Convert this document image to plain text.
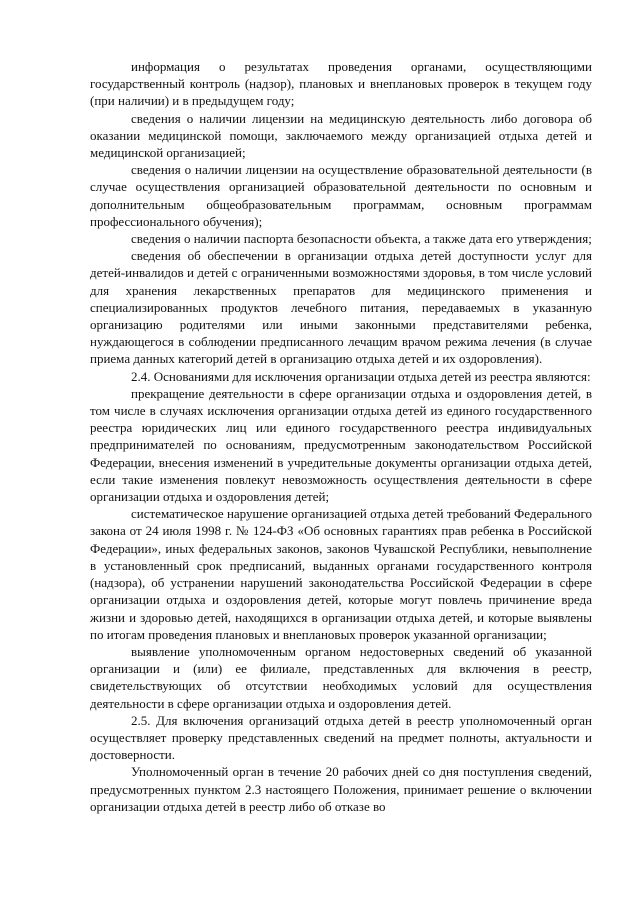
информация о результатах проведения органами, осуществляющими государственный контроль (надзор), плановых и внеплановых проверок в текущем году (при наличии) и в предыдущем году;

сведения о наличии лицензии на медицинскую деятельность либо договора об оказании медицинской помощи, заключаемого между организацией отдыха детей и медицинской организацией;

сведения о наличии лицензии на осуществление образовательной деятельности (в случае осуществления организацией образовательной деятельности по основным и дополнительным общеобразовательным программам, основным программам профессионального обучения);

сведения о наличии паспорта безопасности объекта, а также дата его утверждения;

сведения об обеспечении в организации отдыха детей доступности услуг для детей-инвалидов и детей с ограниченными возможностями здоровья, в том числе условий для хранения лекарственных препаратов для медицинского применения и специализированных продуктов лечебного питания, передаваемых в указанную организацию родителями или иными законными представителями ребенка, нуждающегося в соблюдении предписанного лечащим врачом режима лечения (в случае приема данных категорий детей в организацию отдыха детей и их оздоровления).

2.4. Основаниями для исключения организации отдыха детей из реестра являются:

прекращение деятельности в сфере организации отдыха и оздоровления детей, в том числе в случаях исключения организации отдыха детей из единого государственного реестра юридических лиц или единого государственного реестра индивидуальных предпринимателей по основаниям, предусмотренным законодательством Российской Федерации, внесения изменений в учредительные документы организации отдыха детей, если такие изменения повлекут невозможность осуществления деятельности в сфере организации отдыха и оздоровления детей;

систематическое нарушение организацией отдыха детей требований Федерального закона от 24 июля 1998 г. № 124-ФЗ «Об основных гарантиях прав ребенка в Российской Федерации», иных федеральных законов, законов Чувашской Республики, невыполнение в установленный срок предписаний, выданных органами государственного контроля (надзора), об устранении нарушений законодательства Российской Федерации в сфере организации отдыха и оздоровления детей, которые могут повлечь причинение вреда жизни и здоровью детей, находящихся в организации отдыха детей, и которые выявлены по итогам проведения плановых и внеплановых проверок указанной организации;

выявление уполномоченным органом недостоверных сведений об указанной организации и (или) ее филиале, представленных для включения в реестр, свидетельствующих об отсутствии необходимых условий для осуществления деятельности в сфере организации отдыха и оздоровления детей.

2.5. Для включения организаций отдыха детей в реестр уполномоченный орган осуществляет проверку представленных сведений на предмет полноты, актуальности и достоверности.

Уполномоченный орган в течение 20 рабочих дней со дня поступления сведений, предусмотренных пунктом 2.3 настоящего Положения, принимает решение о включении организации отдыха детей в реестр либо об отказе во
